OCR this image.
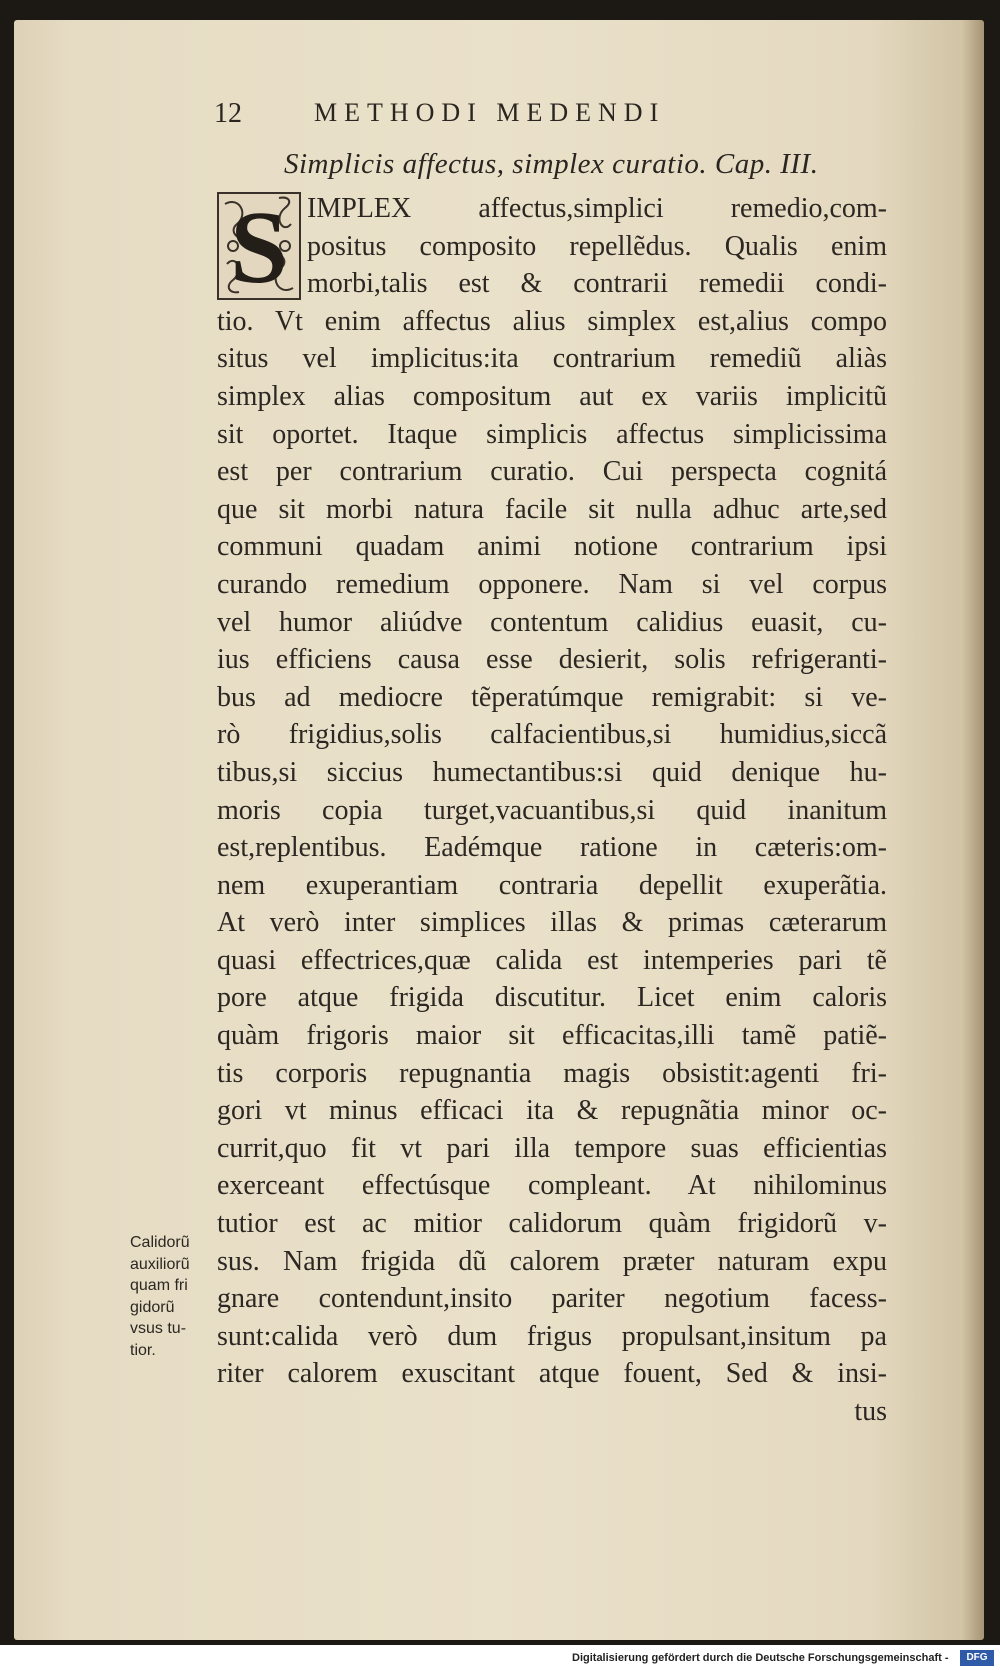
12	METHODI MEDENDI
Simplicis affectus, simplex curatio. Cap. III.
S IMPLEX affectus,simplici remedio,com-
positus composito repellẽdus. Qualis enim
morbi,talis est & contrarii remedii condi-
tio. Vt enim affectus alius simplex est,alius compo
situs vel implicitus:ita contrarium remediũ aliàs
simplex alias compositum aut ex variis implicitũ
sit oportet. Itaque simplicis affectus simplicissima
est per contrarium curatio. Cui perspecta cognitá
que sit morbi natura facile sit nulla adhuc arte,sed
communi quadam animi notione contrarium ipsi
curando remedium opponere. Nam si vel corpus
vel humor aliúdve contentum calidius euasit, cu-
ius efficiens causa esse desierit, solis refrigeranti-
bus ad mediocre tẽperatúmque remigrabit: si ve-
rò frigidius,solis calfacientibus,si humidius,siccã
tibus,si siccius humectantibus:si quid denique hu-
moris copia turget,vacuantibus,si quid inanitum
est,replentibus. Eadémque ratione in cæteris:om-
nem exuperantiam contraria depellit exuperãtia.
At verò inter simplices illas & primas cæterarum
quasi effectrices,quæ calida est intemperies pari tẽ
pore atque frigida discutitur. Licet enim caloris
quàm frigoris maior sit efficacitas,illi tamẽ patiẽ-
tis corporis repugnantia magis obsistit:agenti fri-
gori vt minus efficaci ita & repugnãtia minor oc-
currit,quo fit vt pari illa tempore suas efficientias
exerceant effectúsque compleant. At nihilominus
tutior est ac mitior calidorum quàm frigidorũ v-
sus. Nam frigida dũ calorem præter naturam expu
gnare contendunt,insito pariter negotium facess-
sunt:calida verò dum frigus propulsant,insitum pa
riter calorem exuscitant atque fouent, Sed & insi-
tus
Calidorũ
auxiliorũ
quam fri
gidorũ
vsus tu-
tior.
Digitalisierung gefördert durch die Deutsche Forschungsgemeinschaft -	DFG
